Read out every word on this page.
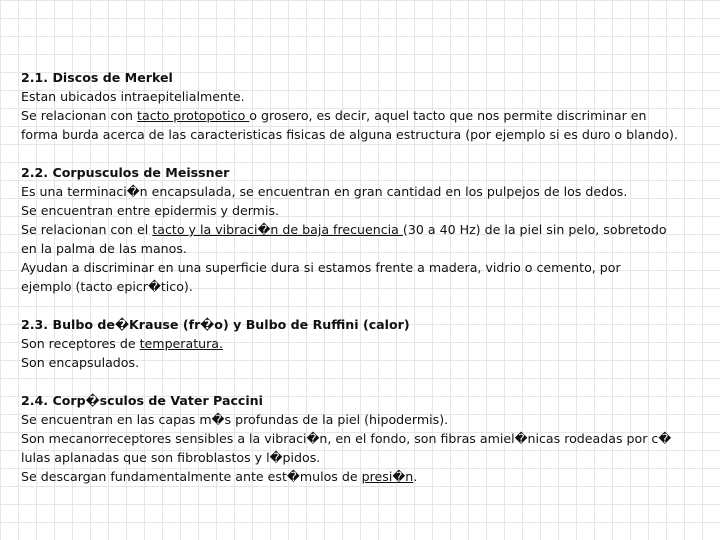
2.1. Discos de Merkel

Estan ubicados intraepitelialmente.

Se relacionan con tacto protopotico o grosero, es decir, aquel tacto que nos permite discriminar en

forma burda acerca de las caracteristicas fisicas de alguna estructura (por ejemplo si es duro o blando).

2.2. Corpusculos de Meissner

Es una terminaci�n encapsulada, se encuentran en gran cantidad en los pulpejos de los dedos.

Se encuentran entre epidermis y dermis.

Se relacionan con el tacto y la vibraci�n de baja frecuencia (30 a 40 Hz) de la piel sin pelo, sobretodo

en la palma de las manos.

Ayudan a discriminar en una superficie dura si estamos frente a madera, vidrio o cemento, por

ejemplo (tacto epicr�tico).

2.3. Bulbo de�Krause (fr�o) y Bulbo de Ruffini (calor)

Son receptores de temperatura.

Son encapsulados.

2.4. Corp�sculos de Vater Paccini

Se encuentran en las capas m�s profundas de la piel (hipodermis).

Son mecanorreceptores sensibles a la vibraci�n, en el fondo, son fibras amiel�nicas rodeadas por c�

lulas aplanadas que son fibroblastos y l�pidos.

Se descargan fundamentalmente ante est�mulos de presi�n.
